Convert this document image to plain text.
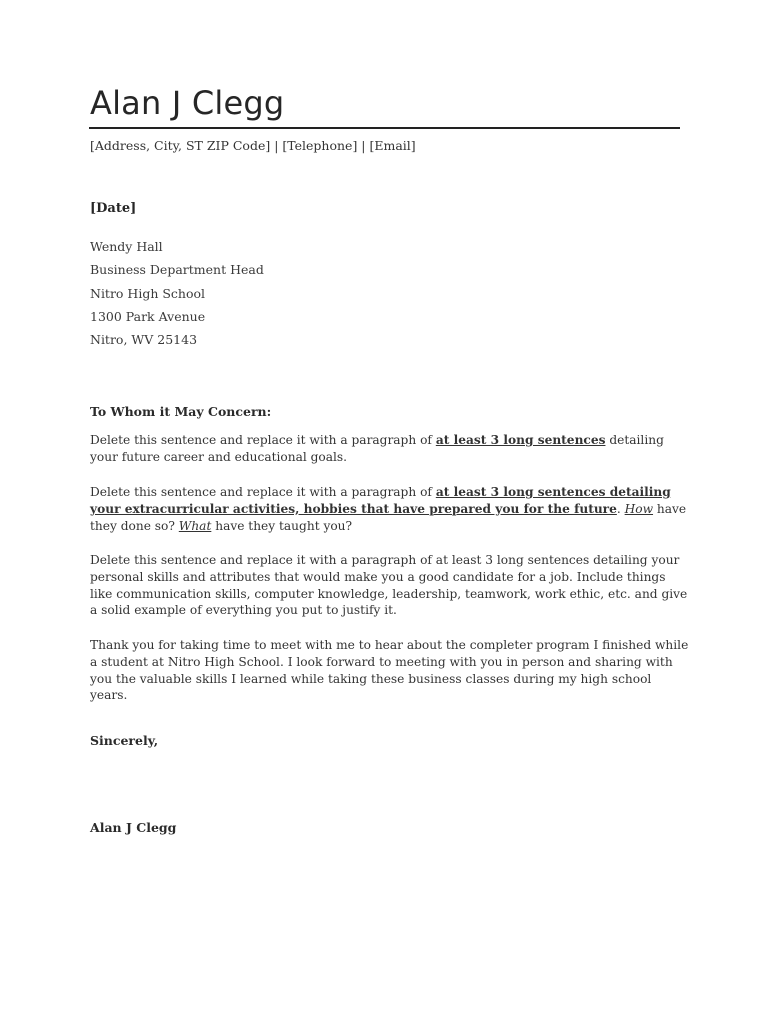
Alan J Clegg
[Address, City, ST ZIP Code] | [Telephone] | [Email]
[Date]
Wendy Hall
Business Department Head
Nitro High School
1300 Park Avenue
Nitro, WV 25143
To Whom it May Concern:
Delete this sentence and replace it with a paragraph of at least 3 long sentences detailing your future career and educational goals.
Delete this sentence and replace it with a paragraph of at least 3 long sentences detailing your extracurricular activities, hobbies that have prepared you for the future. How have they done so? What have they taught you?
Delete this sentence and replace it with a paragraph of at least 3 long sentences detailing your personal skills and attributes that would make you a good candidate for a job. Include things like communication skills, computer knowledge, leadership, teamwork, work ethic, etc. and give a solid example of everything you put to justify it.
Thank you for taking time to meet with me to hear about the completer program I finished while a student at Nitro High School. I look forward to meeting with you in person and sharing with you the valuable skills I learned while taking these business classes during my high school years.
Sincerely,
Alan J Clegg
